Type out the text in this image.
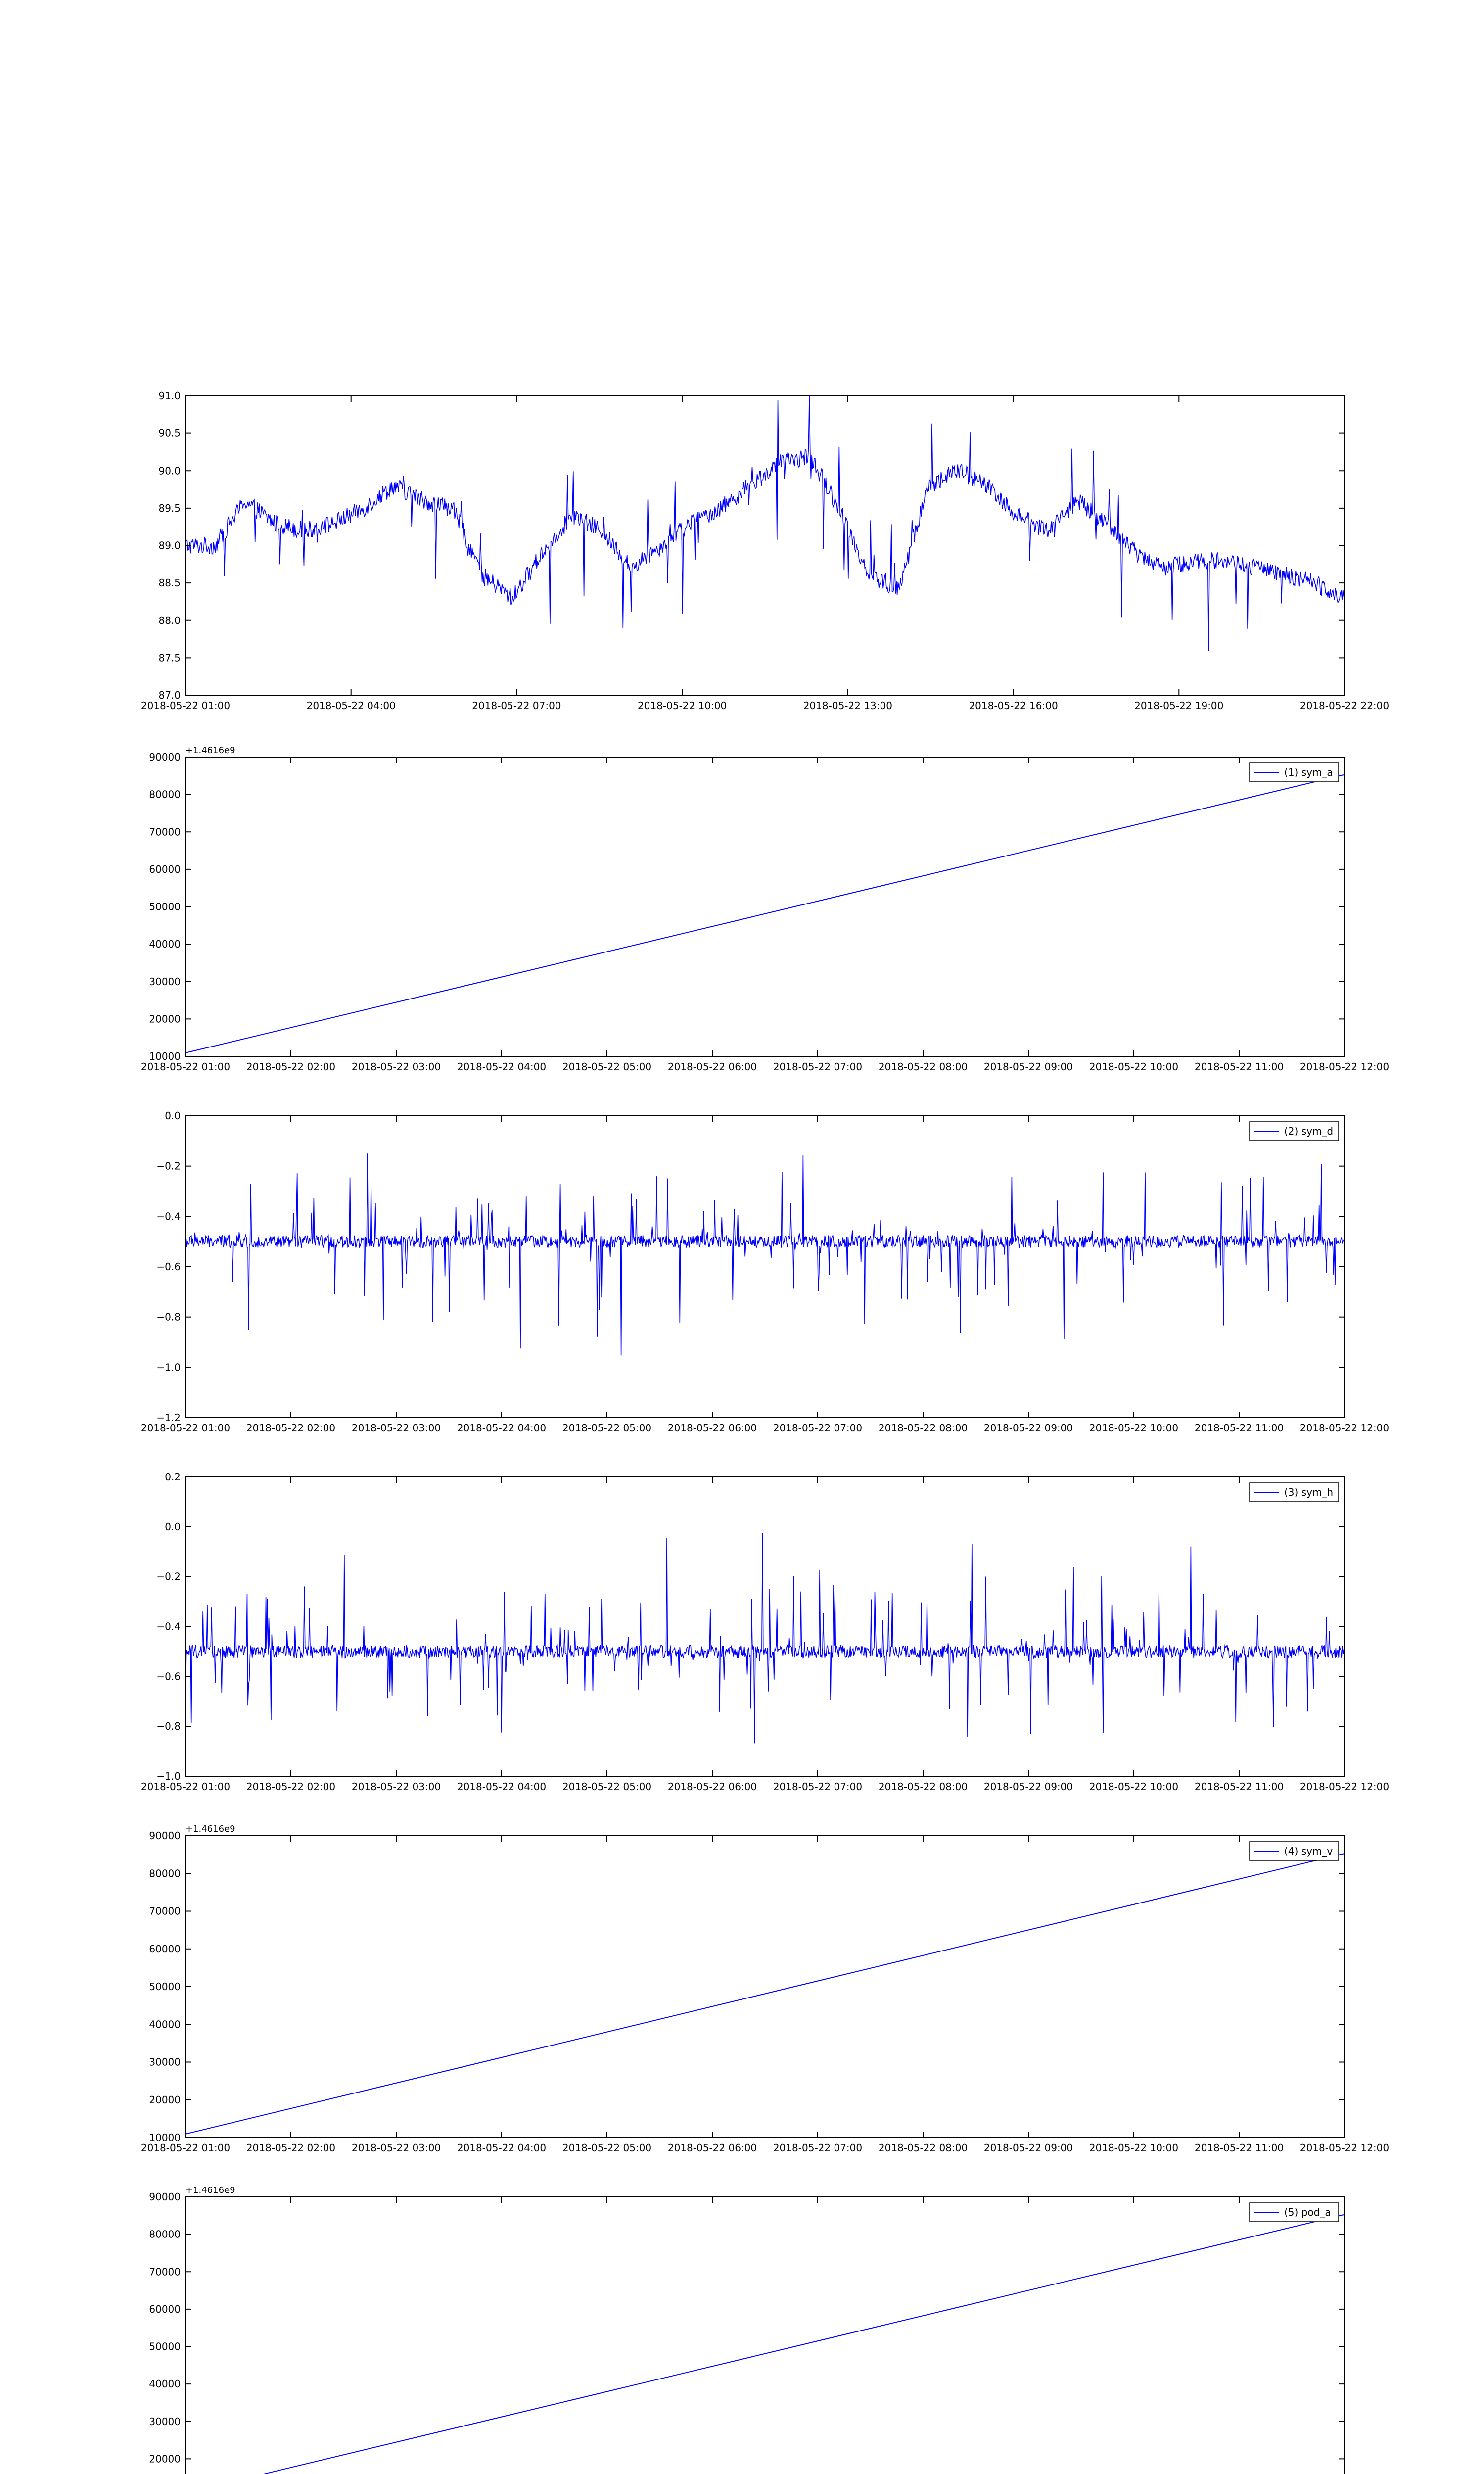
87.0
87.5
88.0
88.5
89.0
89.5
90.0
90.5
91.0
2018-05-22 01:00	2018-05-22 04:00	2018-05-22 07:00	2018-05-22 10:00	2018-05-22 13:00	2018-05-22 16:00	2018-05-22 19:00	2018-05-22 22:00
10000
20000
30000
40000
50000
60000
70000
80000
90000
2018-05-22 01:00 2018-05-22 02:00 2018-05-22 03:00 2018-05-22 04:00 2018-05-22 05:00 2018-05-22 06:00 2018-05-22 07:00 2018-05-22 08:00 2018-05-22 09:00 2018-05-22 10:00 2018-05-22 11:00 2018-05-22 12:00
+1.4616e9
(1) sym_a
−1.2
−1.0
−0.8
−0.6
−0.4
−0.2
0.0
2018-05-22 01:00 2018-05-22 02:00 2018-05-22 03:00 2018-05-22 04:00 2018-05-22 05:00 2018-05-22 06:00 2018-05-22 07:00 2018-05-22 08:00 2018-05-22 09:00 2018-05-22 10:00 2018-05-22 11:00 2018-05-22 12:00
(2) sym_d
−1.0
−0.8
−0.6
−0.4
−0.2
0.0
0.2
2018-05-22 01:00 2018-05-22 02:00 2018-05-22 03:00 2018-05-22 04:00 2018-05-22 05:00 2018-05-22 06:00 2018-05-22 07:00 2018-05-22 08:00 2018-05-22 09:00 2018-05-22 10:00 2018-05-22 11:00 2018-05-22 12:00
(3) sym_h
10000
20000
30000
40000
50000
60000
70000
80000
90000
2018-05-22 01:00 2018-05-22 02:00 2018-05-22 03:00 2018-05-22 04:00 2018-05-22 05:00 2018-05-22 06:00 2018-05-22 07:00 2018-05-22 08:00 2018-05-22 09:00 2018-05-22 10:00 2018-05-22 11:00 2018-05-22 12:00
+1.4616e9
(4) sym_v
20000
30000
40000
50000
60000
70000
80000
90000
+1.4616e9
(5) pod_a
